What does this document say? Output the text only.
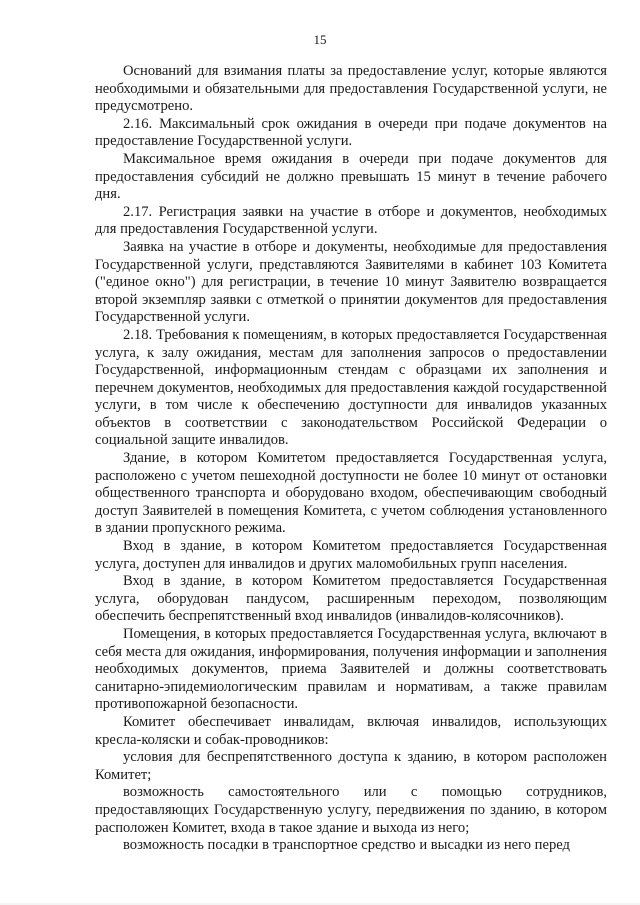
15

Оснований для взимания платы за предоставление услуг, которые являются необходимыми и обязательными для предоставления Государственной услуги, не предусмотрено.

2.16. Максимальный срок ожидания в очереди при подаче документов на предоставление Государственной услуги.

Максимальное время ожидания в очереди при подаче документов для предоставления субсидий не должно превышать 15 минут в течение рабочего дня.

2.17. Регистрация заявки на участие в отборе и документов, необходимых для предоставления Государственной услуги.

Заявка на участие в отборе и документы, необходимые для предоставления Государственной услуги, представляются Заявителями в кабинет 103 Комитета ("единое окно") для регистрации, в течение 10 минут Заявителю возвращается второй экземпляр заявки с отметкой о принятии документов для предоставления Государственной услуги.

2.18. Требования к помещениям, в которых предоставляется Государственная услуга, к залу ожидания, местам для заполнения запросов о предоставлении Государственной, информационным стендам с образцами их заполнения и перечнем документов, необходимых для предоставления каждой государственной услуги, в том числе к обеспечению доступности для инвалидов указанных объектов в соответствии с законодательством Российской Федерации о социальной защите инвалидов.

Здание, в котором Комитетом предоставляется Государственная услуга, расположено с учетом пешеходной доступности не более 10 минут от остановки общественного транспорта и оборудовано входом, обеспечивающим свободный доступ Заявителей в помещения Комитета, с учетом соблюдения установленного в здании пропускного режима.

Вход в здание, в котором Комитетом предоставляется Государственная услуга, доступен для инвалидов и других маломобильных групп населения.

Вход в здание, в котором Комитетом предоставляется Государственная услуга, оборудован пандусом, расширенным переходом, позволяющим обеспечить беспрепятственный вход инвалидов (инвалидов-колясочников).

Помещения, в которых предоставляется Государственная услуга, включают в себя места для ожидания, информирования, получения информации и заполнения необходимых документов, приема Заявителей и должны соответствовать санитарно-эпидемиологическим правилам и нормативам, а также правилам противопожарной безопасности.

Комитет обеспечивает инвалидам, включая инвалидов, использующих кресла-коляски и собак-проводников:

условия для беспрепятственного доступа к зданию, в котором расположен Комитет;

возможность самостоятельного или с помощью сотрудников, предоставляющих Государственную услугу, передвижения по зданию, в котором расположен Комитет, входа в такое здание и выхода из него;

возможность посадки в транспортное средство и высадки из него перед
